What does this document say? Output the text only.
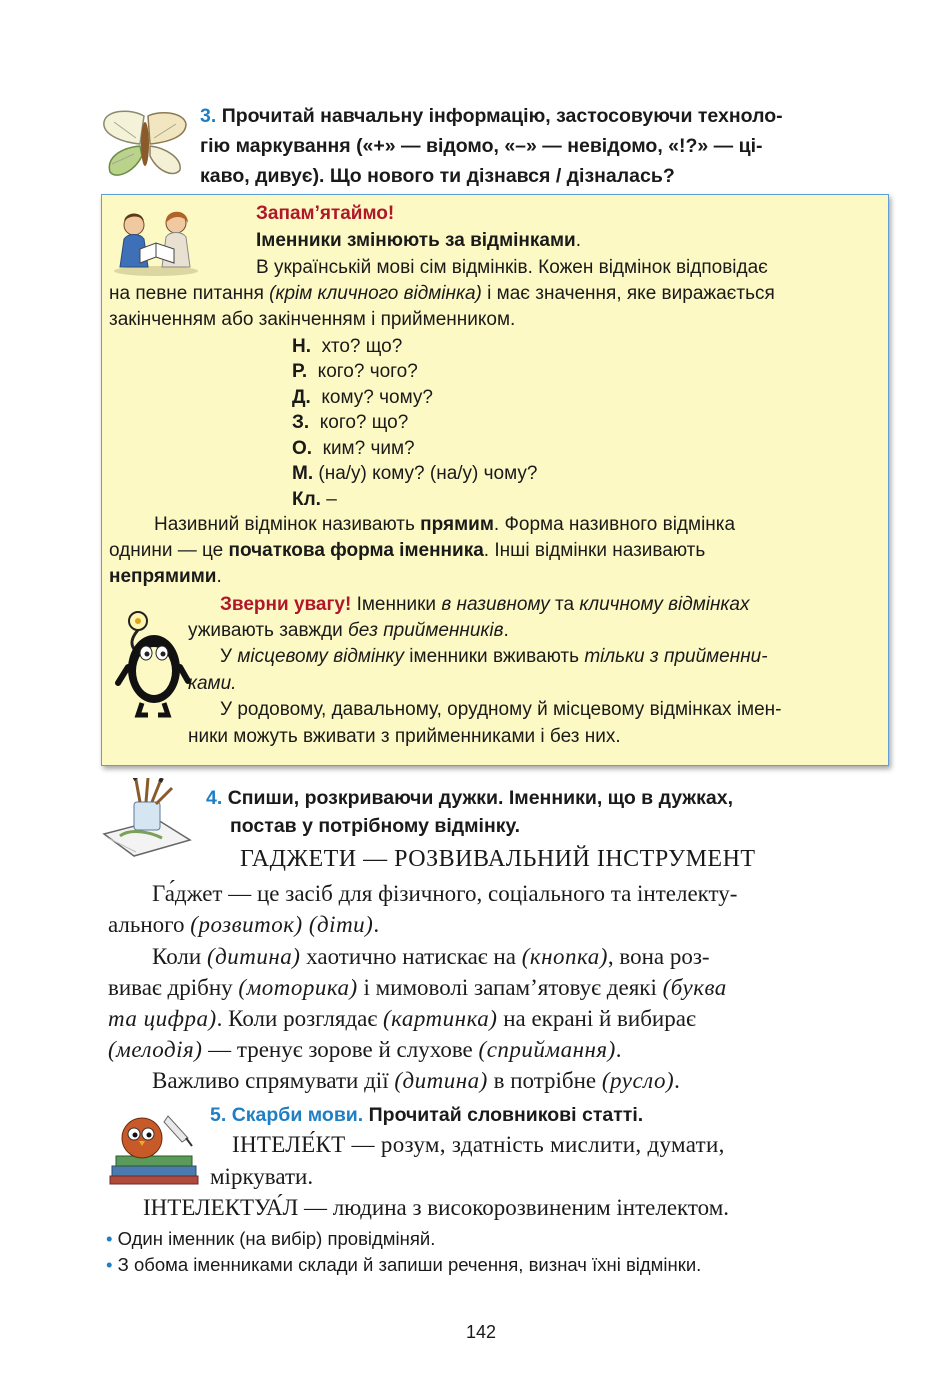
3. Прочитай навчальну інформацію, застосовуючи техноло-
гію маркування («+» — відомо, «–» — невідомо, «!?» — ці-
каво, дивує). Що нового ти дізнався / дізналась?
Запам’ятаймо!
Іменники змінюють за відмінками.
В українській мові сім відмінків. Кожен відмінок відповідає
на певне питання (крім кличного відмінка) і має значення, яке виражається
закінченням або закінченням і прийменником.
Н. хто? що?
Р. кого? чого?
Д. кому? чому?
З. кого? що?
О.  ким? чим?
М. (на/у) кому? (на/у) чому?
Кл. –
Називний відмінок називають прямим. Форма називного відмінка
однини — це початкова форма іменника. Інші відмінки називають
непрямими.
Зверни увагу! Іменники в називному та кличному відмінках
уживають завжди без прийменників.
У місцевому відмінку іменники вживають тільки з прийменни-
ками.
У родовому, давальному, орудному й місцевому відмінках імен-
ники можуть вживати з прийменниками і без них.
4. Спиши, розкриваючи дужки. Іменники, що в дужках,
постав у потрібному відмінку.
ГАДЖЕТИ — РОЗВИВАЛЬНИЙ ІНСТРУМЕНТ
Га́джет — це засіб для фізичного, соціального та інтелекту-
ального (розвиток) (діти).
Коли (дитина) хаотично натискає на (кнопка), вона роз-
виває дрібну (моторика) і мимоволі запам’ятовує деякі (буква
та цифра). Коли розглядає (картинка) на екрані й вибирає
(мелодія) — тренує зорове й слухове (сприймання).
Важливо спрямувати дії (дитина) в потрібне (русло).
5. Скарби мови. Прочитай словникові статті.
ІНТЕЛЕ́КТ — розум, здатність мислити, думати,
міркувати.
ІНТЕЛЕКТУА́Л — людина з високорозвиненим інтелектом.
• Один іменник (на вибір) провідміняй.
• З обома іменниками склади й запиши речення, визнач їхні відмінки.
142
